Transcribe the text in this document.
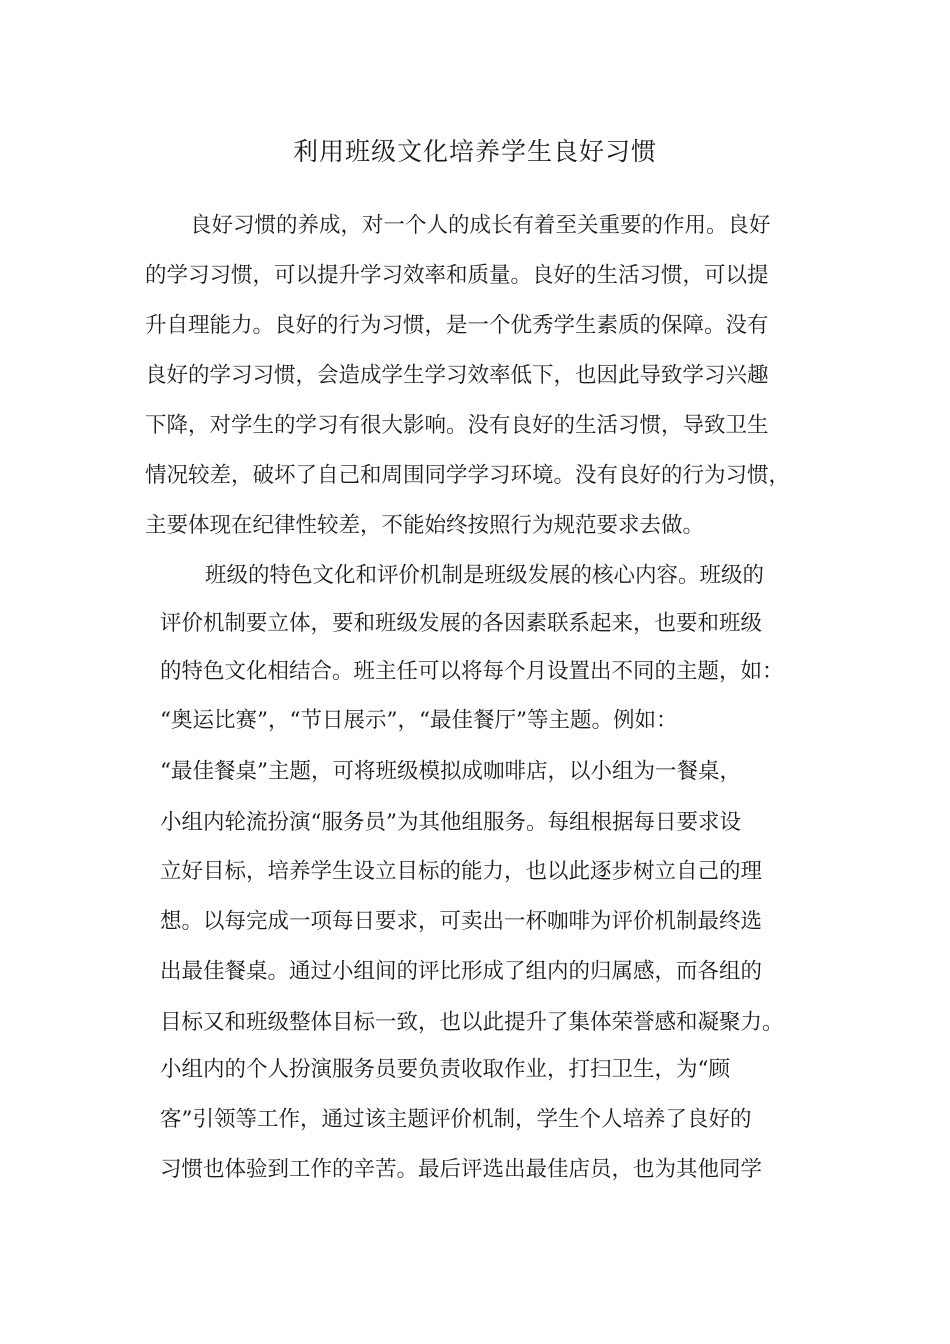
利用班级文化培养学生良好习惯
良好习惯的养成，对一个人的成长有着至关重要的作用。良好
的学习习惯，可以提升学习效率和质量。良好的生活习惯，可以提
升自理能力。良好的行为习惯，是一个优秀学生素质的保障。没有
良好的学习习惯，会造成学生学习效率低下，也因此导致学习兴趣
下降，对学生的学习有很大影响。没有良好的生活习惯，导致卫生
情况较差，破坏了自己和周围同学学习环境。没有良好的行为习惯，
主要体现在纪律性较差，不能始终按照行为规范要求去做。
班级的特色文化和评价机制是班级发展的核心内容。班级的
评价机制要立体，要和班级发展的各因素联系起来，也要和班级
的特色文化相结合。班主任可以将每个月设置出不同的主题，如：
“奥运比赛”，“节日展示”，“最佳餐厅”等主题。例如：
“最佳餐桌”主题，可将班级模拟成咖啡店，以小组为一餐桌，
小组内轮流扮演“服务员”为其他组服务。每组根据每日要求设
立好目标，培养学生设立目标的能力，也以此逐步树立自己的理
想。以每完成一项每日要求，可卖出一杯咖啡为评价机制最终选
出最佳餐桌。通过小组间的评比形成了组内的归属感，而各组的
目标又和班级整体目标一致，也以此提升了集体荣誉感和凝聚力。
小组内的个人扮演服务员要负责收取作业，打扫卫生，为“顾
客”引领等工作，通过该主题评价机制，学生个人培养了良好的
习惯也体验到工作的辛苦。最后评选出最佳店员，也为其他同学
